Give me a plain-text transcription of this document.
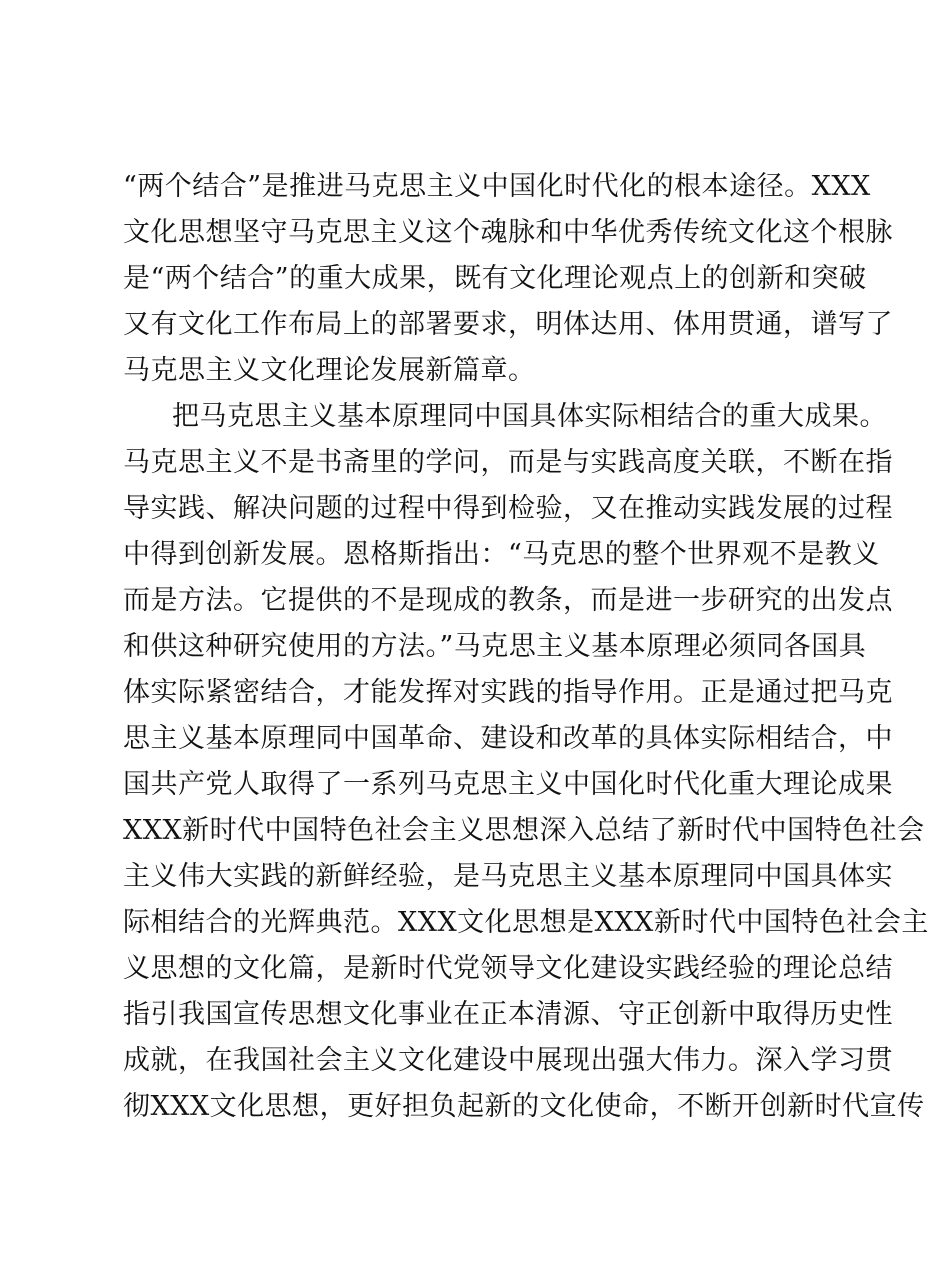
“两个结合”是推进马克思主义中国化时代化的根本途径。XXX
文化思想坚守马克思主义这个魂脉和中华优秀传统文化这个根脉
是“两个结合”的重大成果，既有文化理论观点上的创新和突破
又有文化工作布局上的部署要求，明体达用、体用贯通，谱写了
马克思主义文化理论发展新篇章。
把马克思主义基本原理同中国具体实际相结合的重大成果。
马克思主义不是书斋里的学问，而是与实践高度关联，不断在指
导实践、解决问题的过程中得到检验，又在推动实践发展的过程
中得到创新发展。恩格斯指出：“马克思的整个世界观不是教义
而是方法。它提供的不是现成的教条，而是进一步研究的出发点
和供这种研究使用的方法。”马克思主义基本原理必须同各国具
体实际紧密结合，才能发挥对实践的指导作用。正是通过把马克
思主义基本原理同中国革命、建设和改革的具体实际相结合，中
国共产党人取得了一系列马克思主义中国化时代化重大理论成果
XXX新时代中国特色社会主义思想深入总结了新时代中国特色社会
主义伟大实践的新鲜经验，是马克思主义基本原理同中国具体实
际相结合的光辉典范。XXX文化思想是XXX新时代中国特色社会主
义思想的文化篇，是新时代党领导文化建设实践经验的理论总结
指引我国宣传思想文化事业在正本清源、守正创新中取得历史性
成就，在我国社会主义文化建设中展现出强大伟力。深入学习贯
彻XXX文化思想，更好担负起新的文化使命，不断开创新时代宣传
